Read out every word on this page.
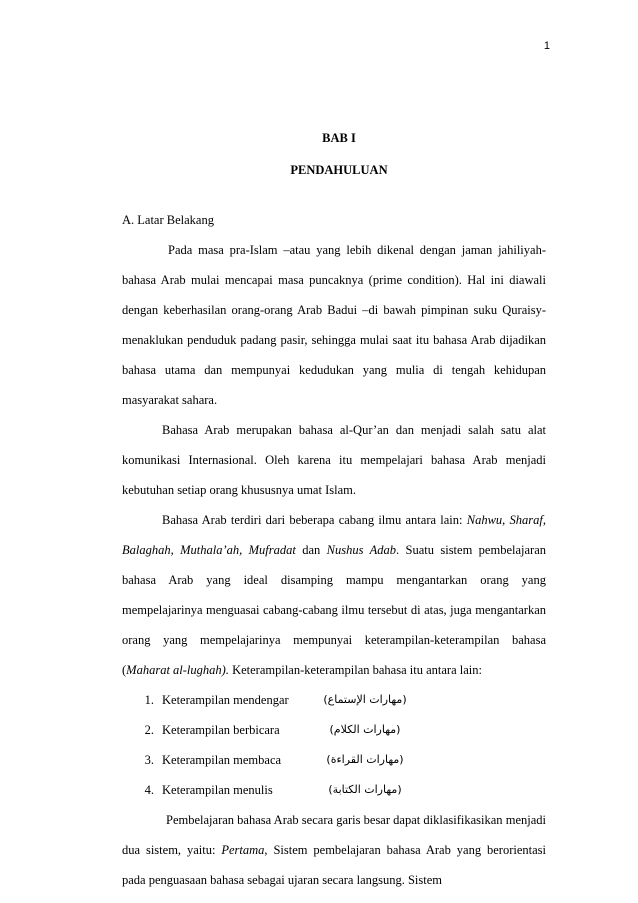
1
BAB I
PENDAHULUAN

A. Latar Belakang

Pada masa pra-Islam –atau yang lebih dikenal dengan jaman jahiliyah- bahasa Arab mulai mencapai masa puncaknya (prime condition). Hal ini diawali dengan keberhasilan orang-orang Arab Badui –di bawah pimpinan suku Quraisy- menaklukan penduduk padang pasir, sehingga mulai saat itu bahasa Arab dijadikan bahasa utama dan mempunyai kedudukan yang mulia di tengah kehidupan masyarakat sahara.

Bahasa Arab merupakan bahasa al-Qur’an dan menjadi salah satu alat komunikasi Internasional. Oleh karena itu mempelajari bahasa Arab menjadi kebutuhan setiap orang khususnya umat Islam.

Bahasa Arab terdiri dari beberapa cabang ilmu antara lain: Nahwu, Sharaf, Balaghah, Muthala’ah, Mufradat dan Nushus Adab. Suatu sistem pembelajaran bahasa Arab yang ideal disamping mampu mengantarkan orang yang mempelajarinya menguasai cabang-cabang ilmu tersebut di atas, juga mengantarkan orang yang mempelajarinya mempunyai keterampilan-keterampilan bahasa (Maharat al-lughah). Keterampilan-keterampilan bahasa itu antara lain:

1. Keterampilan mendengar	(مهارات الإستماع)
2. Keterampilan berbicara	(مهارات الكلام)
3. Keterampilan membaca	(مهارات القراءة)
4. Keterampilan menulis	(مهارات الكتابة)

Pembelajaran bahasa Arab secara garis besar dapat diklasifikasikan menjadi dua sistem, yaitu: Pertama, Sistem pembelajaran bahasa Arab yang berorientasi pada penguasaan bahasa sebagai ujaran secara langsung. Sistem
